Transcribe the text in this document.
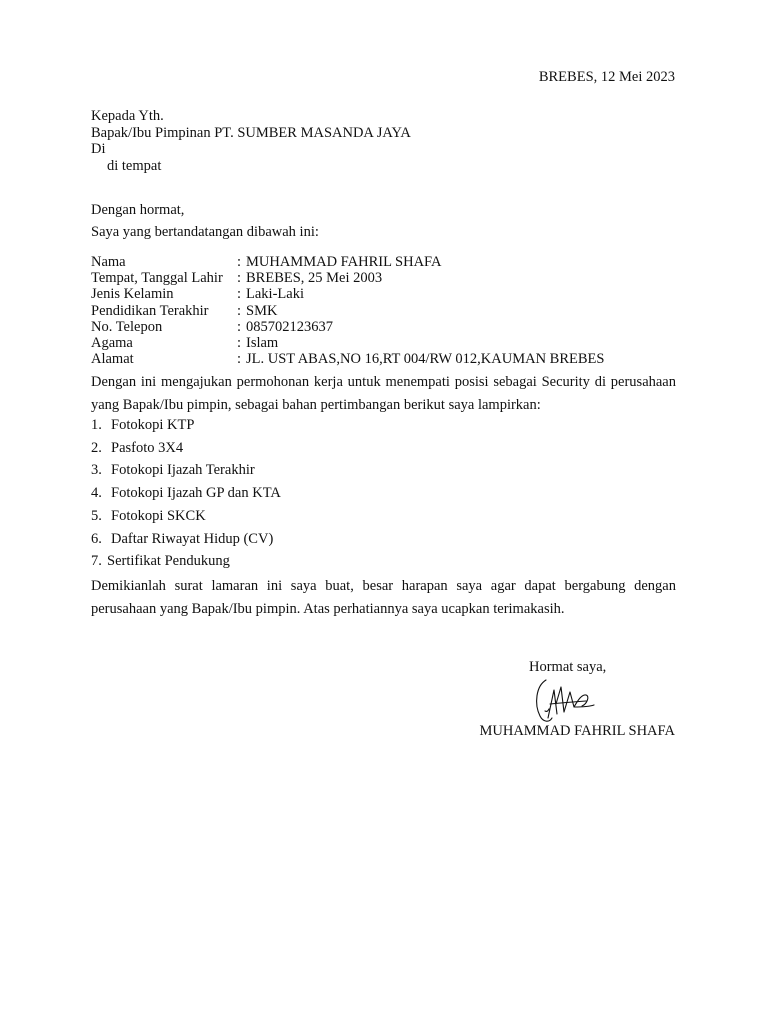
BREBES, 12 Mei 2023
Kepada Yth.
Bapak/Ibu Pimpinan PT. SUMBER MASANDA JAYA
Di
di tempat
Dengan hormat,
Saya yang bertandatangan dibawah ini:
Nama	: MUHAMMAD FAHRIL SHAFA
Tempat, Tanggal Lahir : BREBES, 25 Mei 2003
Jenis Kelamin	: Laki-Laki
Pendidikan Terakhir	: SMK
No. Telepon	: 085702123637
Agama	: Islam
Alamat	: JL. UST ABAS,NO 16,RT 004/RW 012,KAUMAN BREBES
Dengan ini mengajukan permohonan kerja untuk menempati posisi sebagai Security di perusahaan yang Bapak/Ibu pimpin, sebagai bahan pertimbangan berikut saya lampirkan:
1. Fotokopi KTP
2. Pasfoto 3X4
3. Fotokopi Ijazah Terakhir
4. Fotokopi Ijazah GP dan KTA
5. Fotokopi SKCK
6. Daftar Riwayat Hidup (CV)
7. Sertifikat Pendukung
Demikianlah surat lamaran ini saya buat, besar harapan saya agar dapat bergabung dengan perusahaan yang Bapak/Ibu pimpin. Atas perhatiannya saya ucapkan terimakasih.
Hormat saya,
MUHAMMAD FAHRIL SHAFA
